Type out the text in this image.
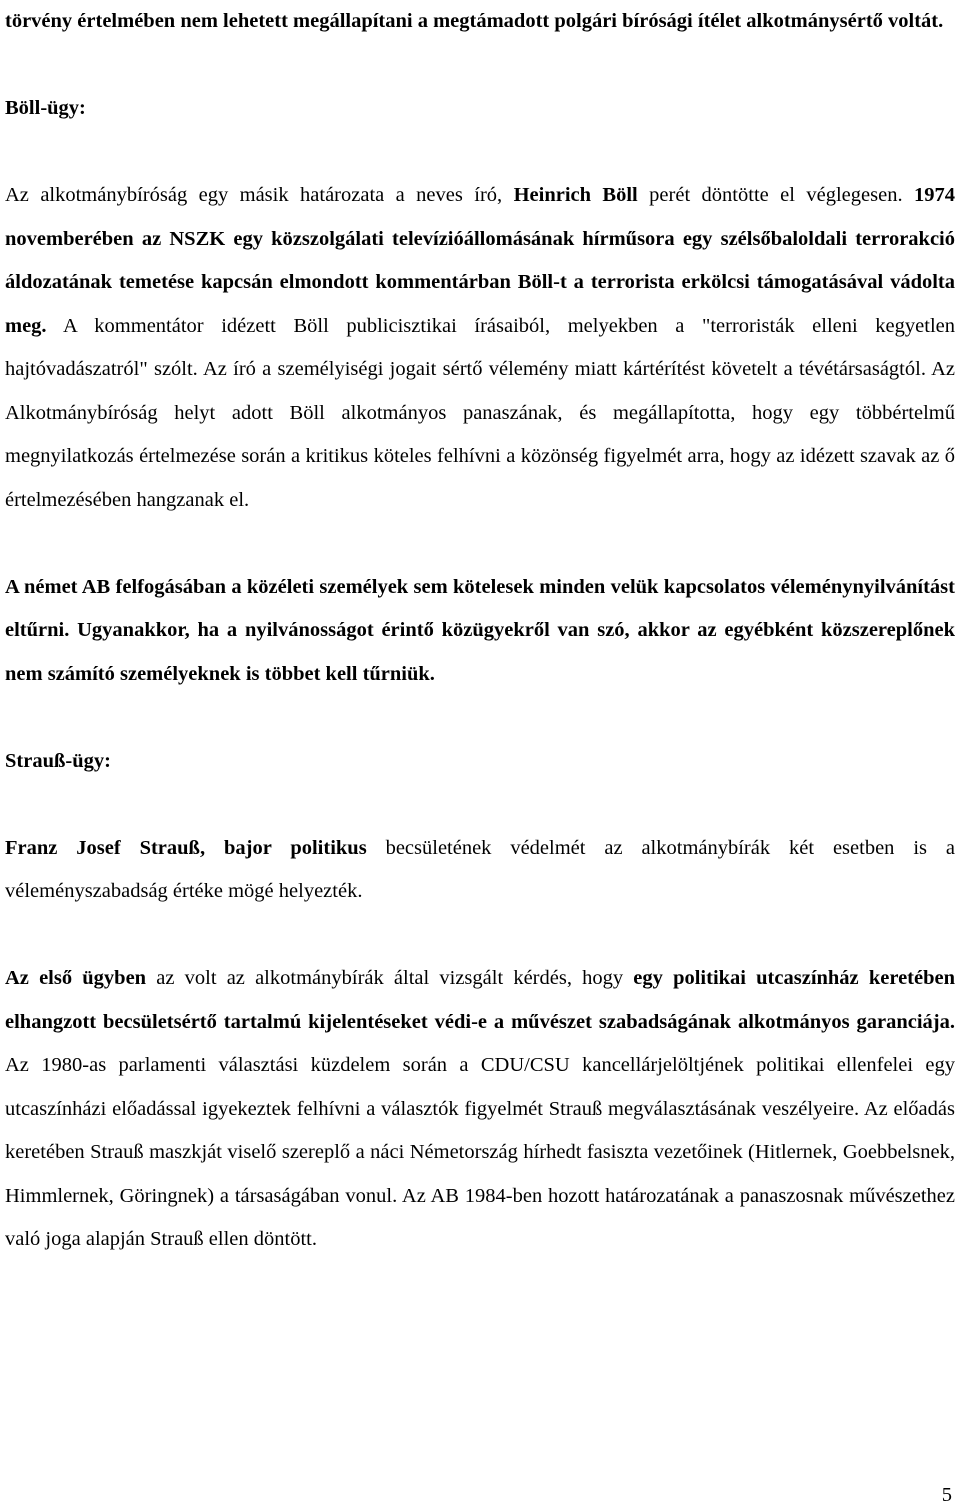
törvény értelmében nem lehetett megállapítani a megtámadott polgári bírósági ítélet alkotmánysértő voltát.

Böll-ügy:

Az alkotmánybíróság egy másik határozata a neves író, Heinrich Böll perét döntötte el véglegesen. 1974 novemberében az NSZK egy közszolgálati televízióállomásának hírműsora egy szélsőbaloldali terrorakció áldozatának temetése kapcsán elmondott kommentárban Böll-t a terrorista erkölcsi támogatásával vádolta meg. A kommentátor idézett Böll publicisztikai írásaiból, melyekben a "terroristák elleni kegyetlen hajtóvadászatról" szólt. Az író a személyiségi jogait sértő vélemény miatt kártérítést követelt a tévétársaságtól. Az Alkotmánybíróság helyt adott Böll alkotmányos panaszának, és megállapította, hogy egy többértelmű megnyilatkozás értelmezése során a kritikus köteles felhívni a közönség figyelmét arra, hogy az idézett szavak az ő értelmezésében hangzanak el.

A német AB felfogásában a közéleti személyek sem kötelesek minden velük kapcsolatos véleménynyilvánítást eltűrni. Ugyanakkor, ha a nyilvánosságot érintő közügyekről van szó, akkor az egyébként közszereplőnek nem számító személyeknek is többet kell tűrniük.

Strauß-ügy:

Franz Josef Strauß, bajor politikus becsületének védelmét az alkotmánybírák két esetben is a véleményszabadság értéke mögé helyezték.

Az első ügyben az volt az alkotmánybírák által vizsgált kérdés, hogy egy politikai utcaszínház keretében elhangzott becsületsértő tartalmú kijelentéseket védi-e a művészet szabadságának alkotmányos garanciája. Az 1980-as parlamenti választási küzdelem során a CDU/CSU kancellárjelöltjének politikai ellenfelei egy utcaszínházi előadással igyekeztek felhívni a választók figyelmét Strauß megválasztásának veszélyeire. Az előadás keretében Strauß maszkját viselő szereplő a náci Németország hírhedt fasiszta vezetőinek (Hitlernek, Goebbelsnek, Himmlernek, Göringnek) a társaságában vonul. Az AB 1984-ben hozott határozatának a panaszosnak művészethez való joga alapján Strauß ellen döntött.

5
